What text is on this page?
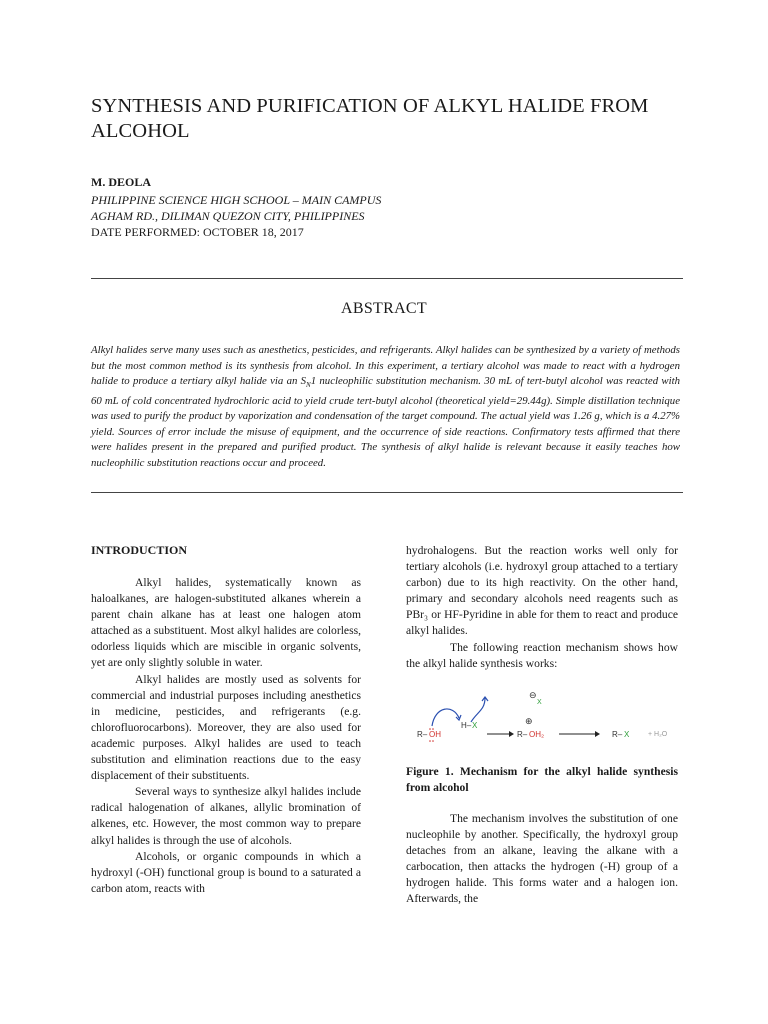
SYNTHESIS AND PURIFICATION OF ALKYL HALIDE FROM ALCOHOL
M. DEOLA
PHILIPPINE SCIENCE HIGH SCHOOL – MAIN CAMPUS
AGHAM RD., DILIMAN QUEZON CITY, PHILIPPINES
DATE PERFORMED: OCTOBER 18, 2017
ABSTRACT
Alkyl halides serve many uses such as anesthetics, pesticides, and refrigerants. Alkyl halides can be synthesized by a variety of methods but the most common method is its synthesis from alcohol. In this experiment, a tertiary alcohol was made to react with a hydrogen halide to produce a tertiary alkyl halide via an $S_N1$ nucleophilic substitution mechanism. 30 mL of tert-butyl alcohol was reacted with 60 mL of cold concentrated hydrochloric acid to yield crude tert-butyl alcohol (theoretical yield=29.44g). Simple distillation technique was used to purify the product by vaporization and condensation of the target compound. The actual yield was 1.26 g, which is a 4.27% yield. Sources of error include the misuse of equipment, and the occurrence of side reactions. Confirmatory tests affirmed that there were halides present in the prepared and purified product. The synthesis of alkyl halide is relevant because it easily teaches how nucleophilic substitution reactions occur and proceed.
INTRODUCTION

Alkyl halides, systematically known as haloalkanes, are halogen-substituted alkanes wherein a parent chain alkane has at least one halogen atom attached as a substituent. Most alkyl halides are colorless, odorless liquids which are miscible in organic solvents, yet are only slightly soluble in water.

Alkyl halides are mostly used as solvents for commercial and industrial purposes including anesthetics in medicine, pesticides, and refrigerants (e.g. chlorofluorocarbons). Moreover, they are also used for academic purposes. Alkyl halides are used to teach substitution and elimination reactions due to the easy displacement of their substituents.

Several ways to synthesize alkyl halides include radical halogenation of alkanes, allylic bromination of alkenes, etc. However, the most common way to prepare alkyl halides is through the use of alcohols.

Alcohols, or organic compounds in which a hydroxyl (-OH) functional group is bound to a saturated a carbon atom, reacts with

hydrohalogens. But the reaction works well only for tertiary alcohols (i.e. hydroxyl group attached to a tertiary carbon) due to its high reactivity. On the other hand, primary and secondary alcohols need reagents such as PBr₃ or HF-Pyridine in able for them to react and produce alkyl halides.

The following reaction mechanism shows how the alkyl halide synthesis works:

R– OH
H– X
⊖
X
⊕
R– OH₂	R– X	+ H₂O
Figure 1. Mechanism for the alkyl halide synthesis from alcohol

The mechanism involves the substitution of one nucleophile by another. Specifically, the hydroxyl group detaches from an alkane, leaving the alkane with a carbocation, then attacks the hydrogen (-H) group of a hydrogen halide. This forms water and a halogen ion. Afterwards, the
